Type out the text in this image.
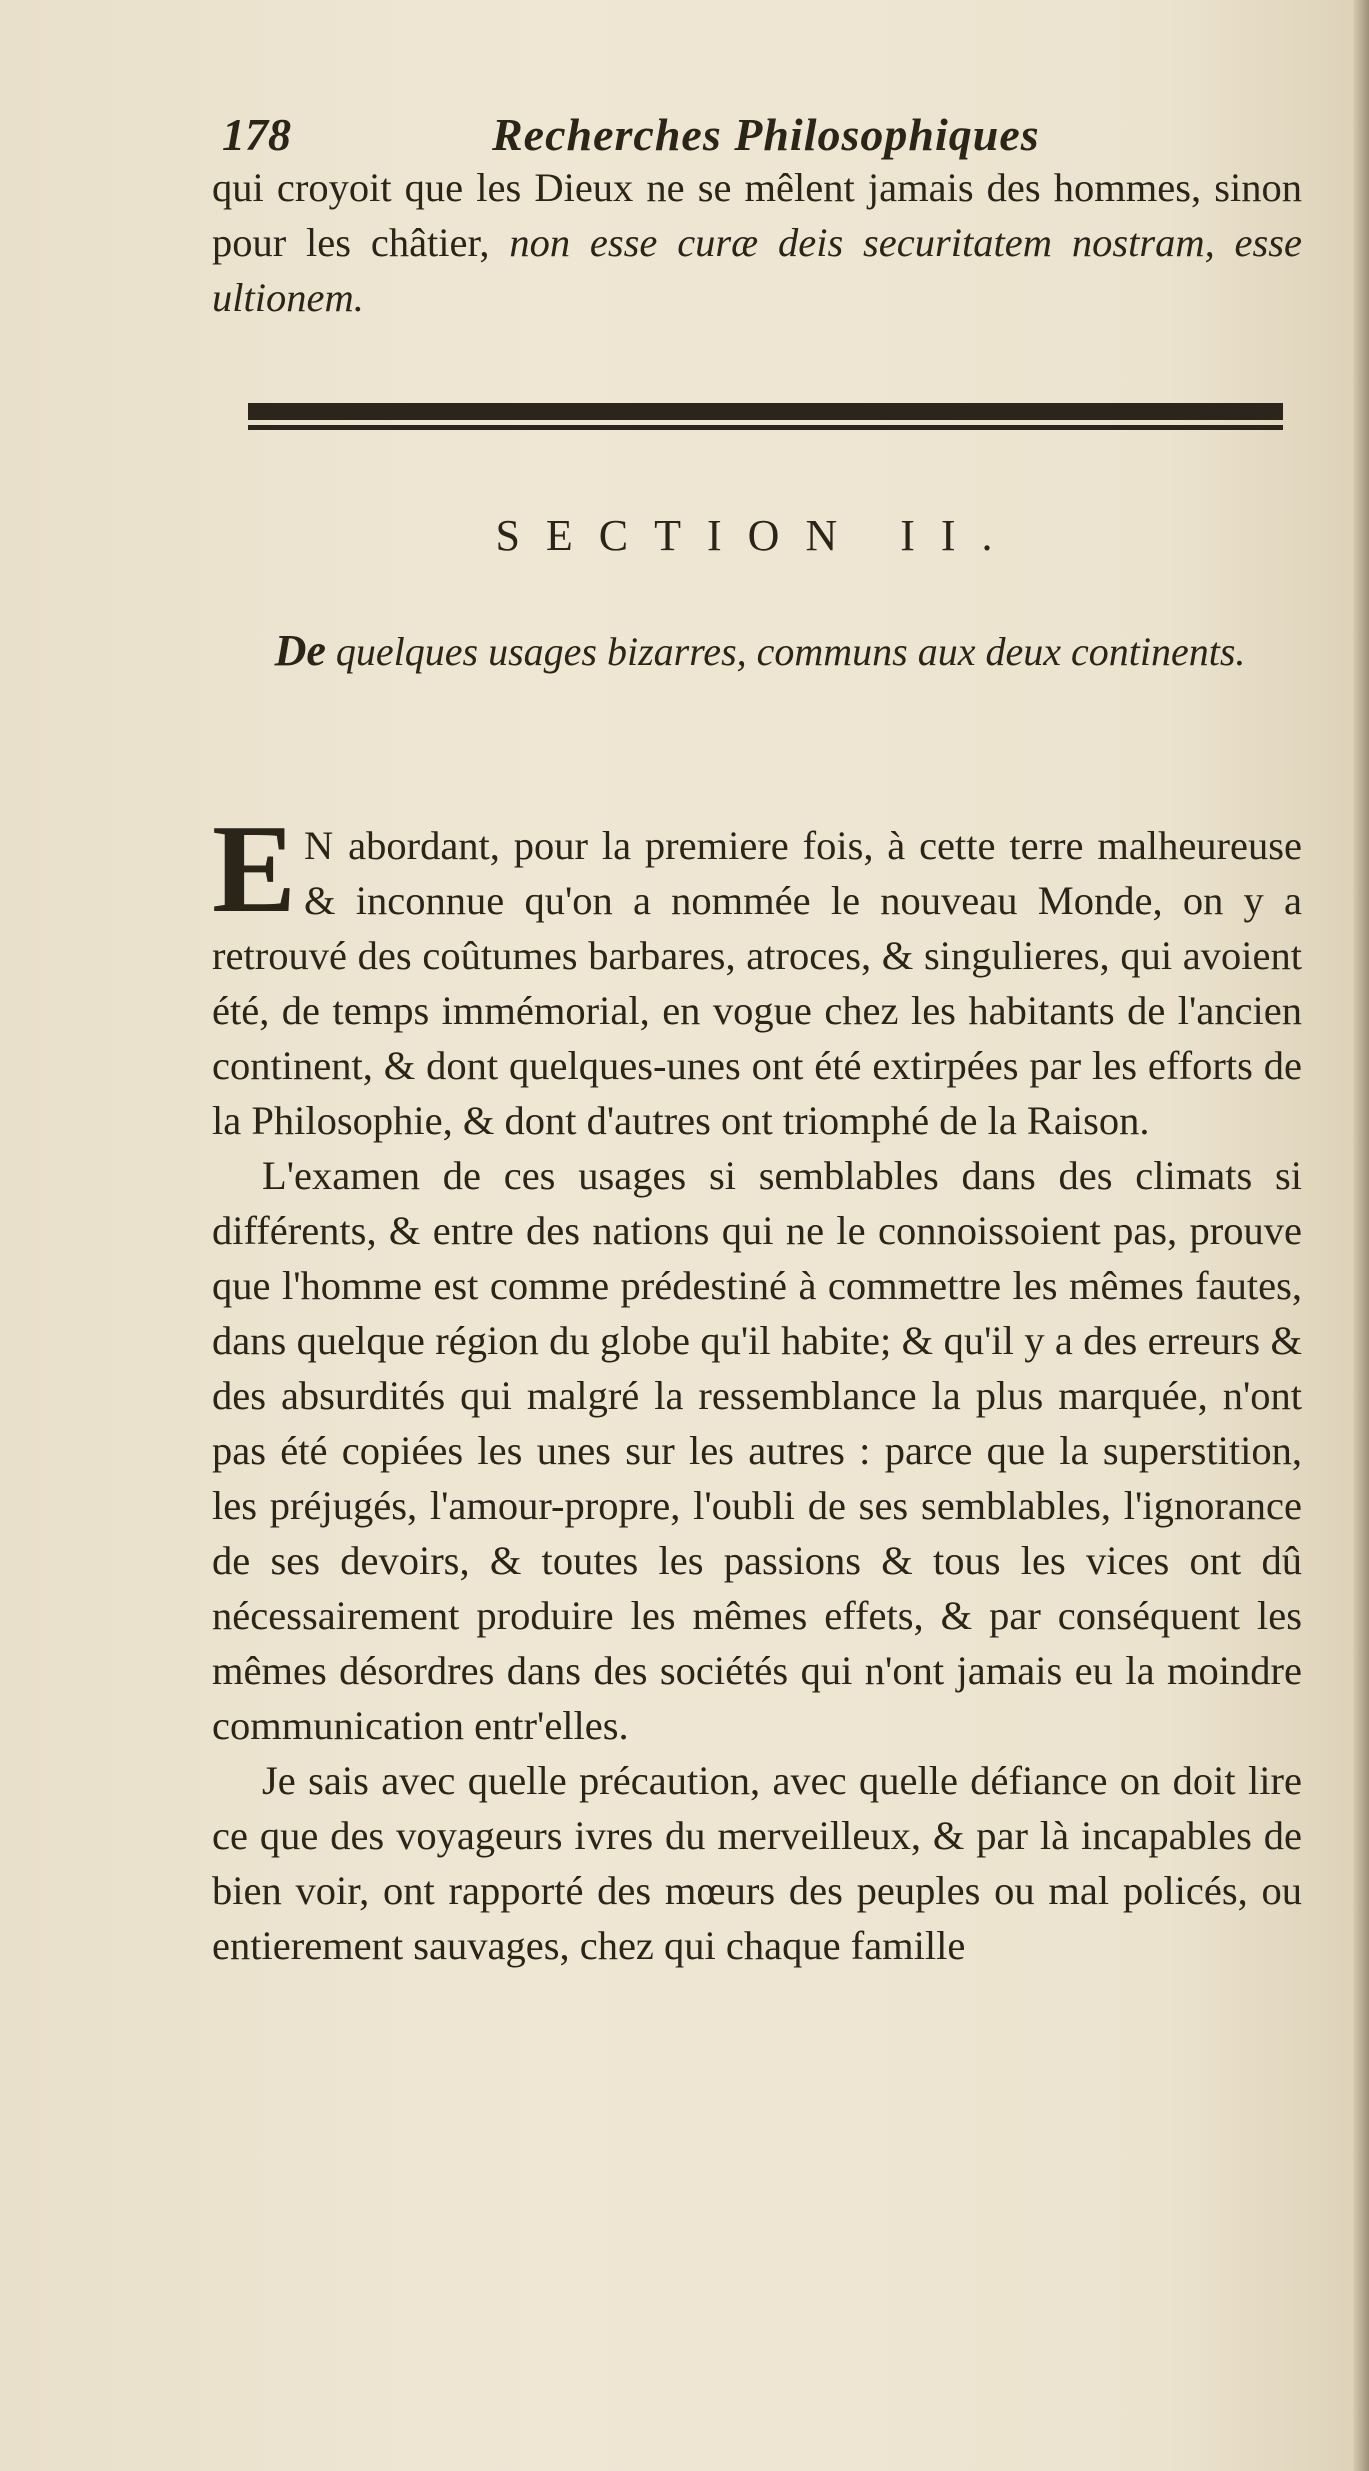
178	Recherches Philosophiques

qui croyoit que les Dieux ne se mêlent jamais des hommes, sinon pour les châtier, non esse curæ deis securitatem nostram, esse ultionem.

SECTION II.
De quelques usages bizarres, communs aux deux continents.

E N abordant, pour la premiere fois, à cette terre malheureuse & inconnue qu'on a nommée le nouveau Monde, on y a retrouvé des coûtumes barbares, atroces, & singulieres, qui avoient été, de temps immémorial, en vogue chez les habitants de l'ancien continent, & dont quelques-unes ont été extirpées par les efforts de la Philosophie, & dont d'autres ont triomphé de la Raison.

L'examen de ces usages si semblables dans des climats si différents, & entre des nations qui ne le connoissoient pas, prouve que l'homme est comme prédestiné à commettre les mêmes fautes, dans quelque région du globe qu'il habite; & qu'il y a des erreurs & des absurdités qui malgré la ressemblance la plus marquée, n'ont pas été copiées les unes sur les autres : parce que la superstition, les préjugés, l'amour-propre, l'oubli de ses semblables, l'ignorance de ses devoirs, & toutes les passions & tous les vices ont dû nécessairement produire les mêmes effets, & par conséquent les mêmes désordres dans des sociétés qui n'ont jamais eu la moindre communication entr'elles.

Je sais avec quelle précaution, avec quelle défiance on doit lire ce que des voyageurs ivres du merveilleux, & par là incapables de bien voir, ont rapporté des mœurs des peuples ou mal policés, ou entierement sauvages, chez qui chaque famille
